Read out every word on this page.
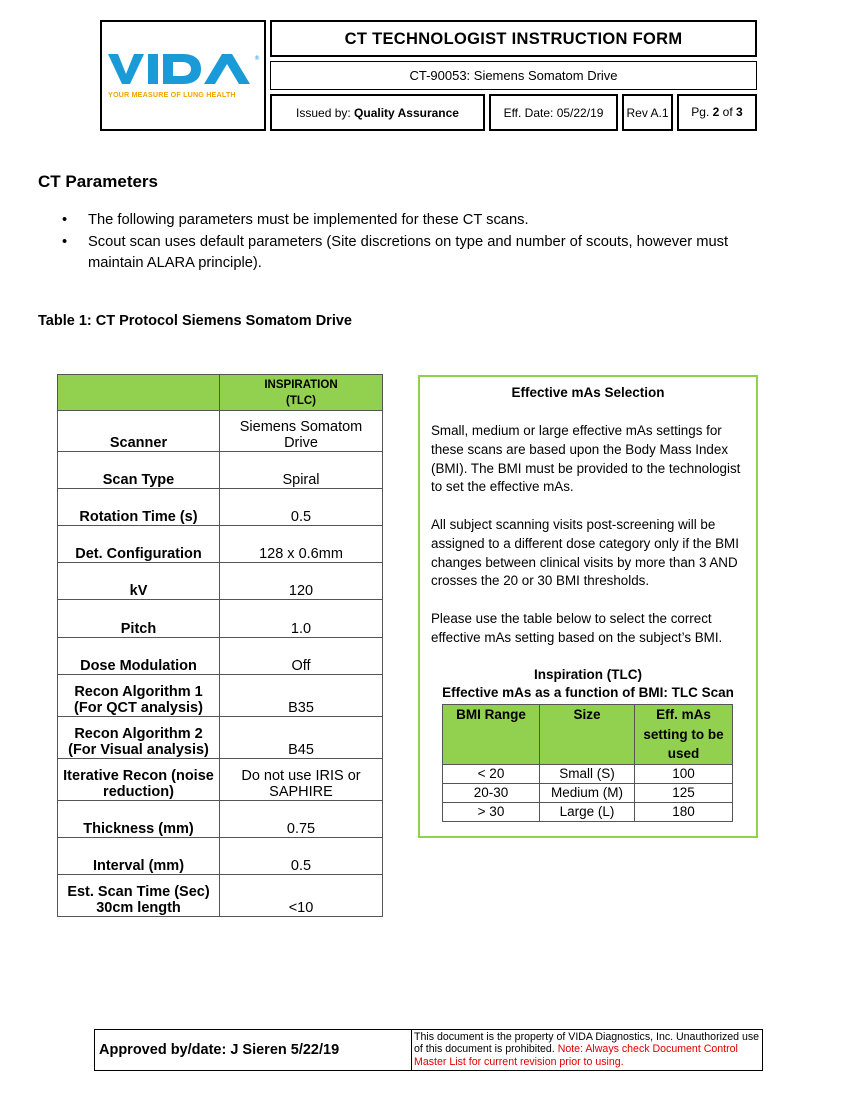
®
YOUR MEASURE OF LUNG HEALTH
CT TECHNOLOGIST INSTRUCTION FORM
CT-90053: Siemens Somatom Drive
Issued by: Quality Assurance	Eff. Date: 05/22/19	Rev A.1	Pg. 2 of 3
CT Parameters
• The following parameters must be implemented for these CT scans.
• Scout scan uses default parameters (Site discretions on type and number of scouts, however must maintain ALARA principle).
Table 1: CT Protocol Siemens Somatom Drive
	INSPIRATION
(TLC)
Scanner	Siemens Somatom Drive
Scan Type	Spiral
Rotation Time (s)	0.5
Det. Configuration	128 x 0.6mm
kV	120
Pitch	1.0
Dose Modulation	Off
Recon Algorithm 1 (For QCT analysis)	B35
Recon Algorithm 2 (For Visual analysis)	B45
Iterative Recon (noise reduction)	Do not use IRIS or SAPHIRE
Thickness (mm)	0.75
Interval (mm)	0.5
Est. Scan Time (Sec) 30cm length	<10
Effective mAs Selection
Small, medium or large effective mAs settings for these scans are based upon the Body Mass Index (BMI). The BMI must be provided to the technologist to set the effective mAs.
All subject scanning visits post-screening will be assigned to a different dose category only if the BMI changes between clinical visits by more than 3 AND crosses the 20 or 30 BMI thresholds.
Please use the table below to select the correct effective mAs setting based on the subject’s BMI.
Inspiration (TLC)
Effective mAs as a function of BMI: TLC Scan
BMI Range	Size	Eff. mAs setting to be used
< 20	Small (S)	100
20-30	Medium (M)	125
> 30	Large (L)	180
Approved by/date: J Sieren 5/22/19
This document is the property of VIDA Diagnostics, Inc. Unauthorized use of this document is prohibited. Note: Always check Document Control Master List for current revision prior to using.
